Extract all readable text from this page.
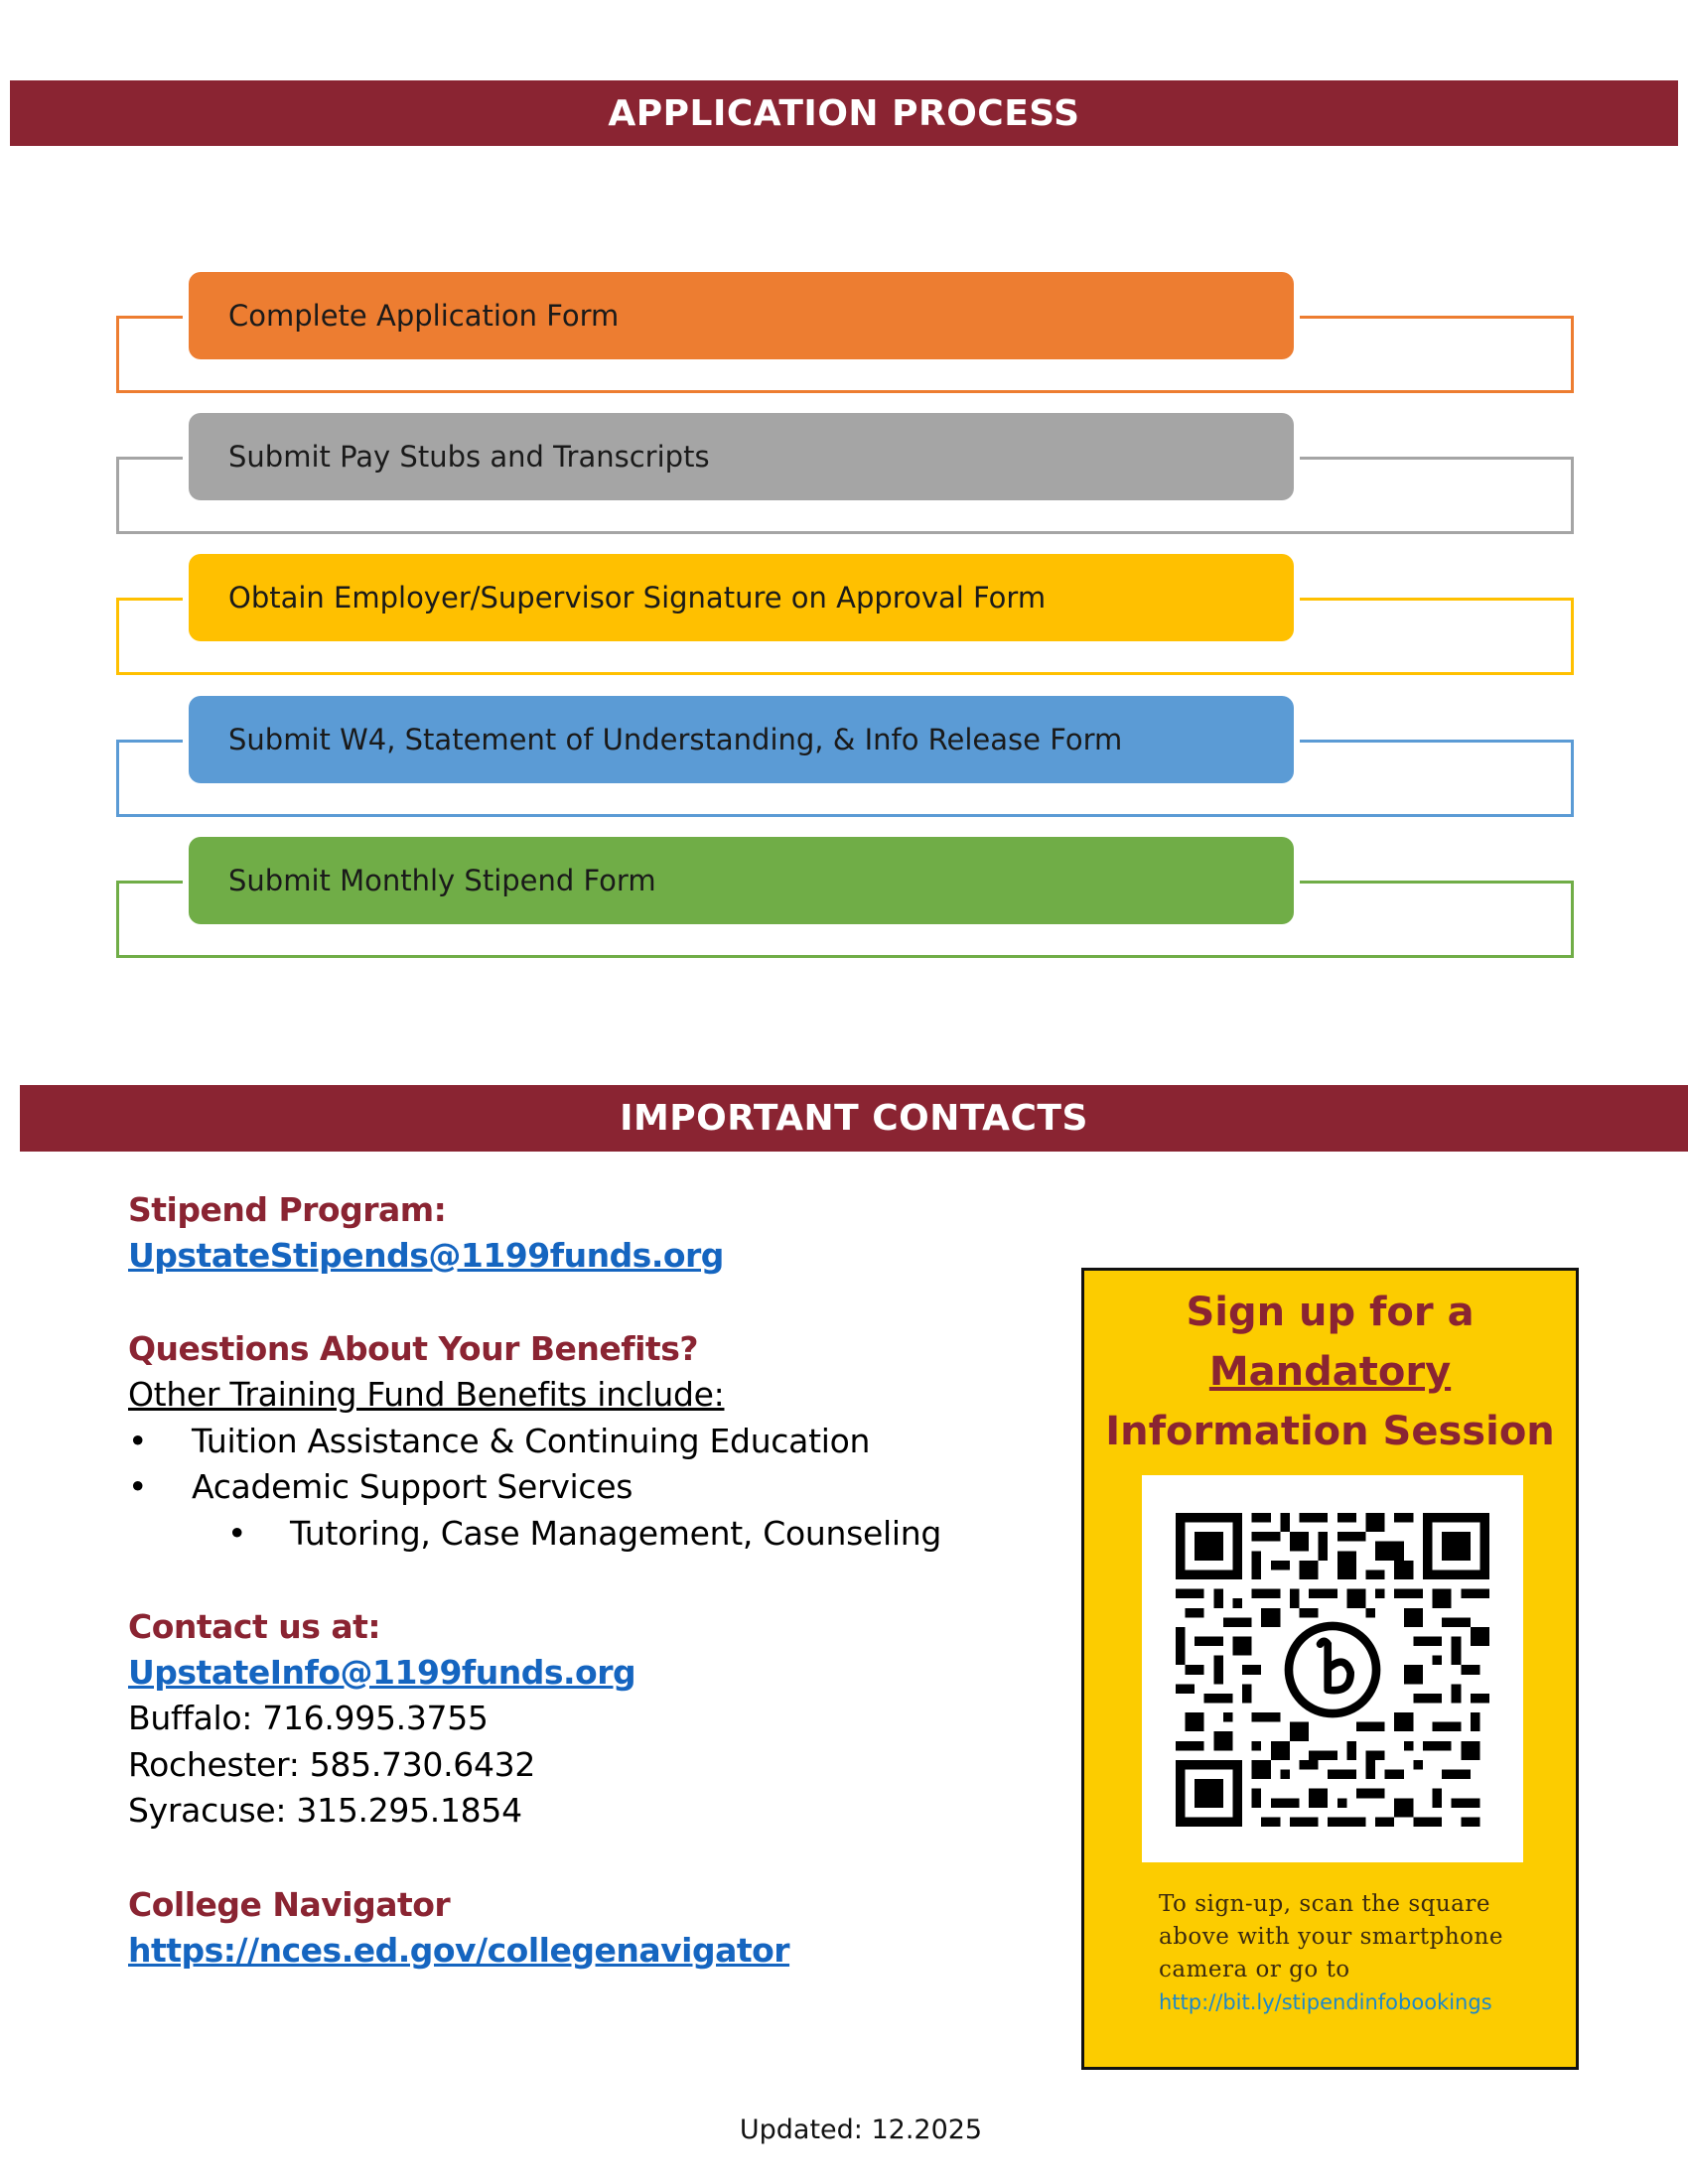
APPLICATION PROCESS
Complete Application Form
Submit Pay Stubs and Transcripts
Obtain Employer/Supervisor Signature on Approval Form
Submit W4, Statement of Understanding, & Info Release Form
Submit Monthly Stipend Form
IMPORTANT CONTACTS
Stipend Program:
UpstateStipends@1199funds.org
Questions About Your Benefits?
Other Training Fund Benefits include:
• Tuition Assistance & Continuing Education
• Academic Support Services
• Tutoring, Case Management, Counseling
Contact us at:
UpstateInfo@1199funds.org
Buffalo: 716.995.3755
Rochester: 585.730.6432
Syracuse: 315.295.1854
College Navigator
https://nces.ed.gov/collegenavigator
Sign up for a
Mandatory
Information Session
To sign-up, scan the square above with your smartphone camera or go to
http://bit.ly/stipendinfobookings
Updated: 12.2025
